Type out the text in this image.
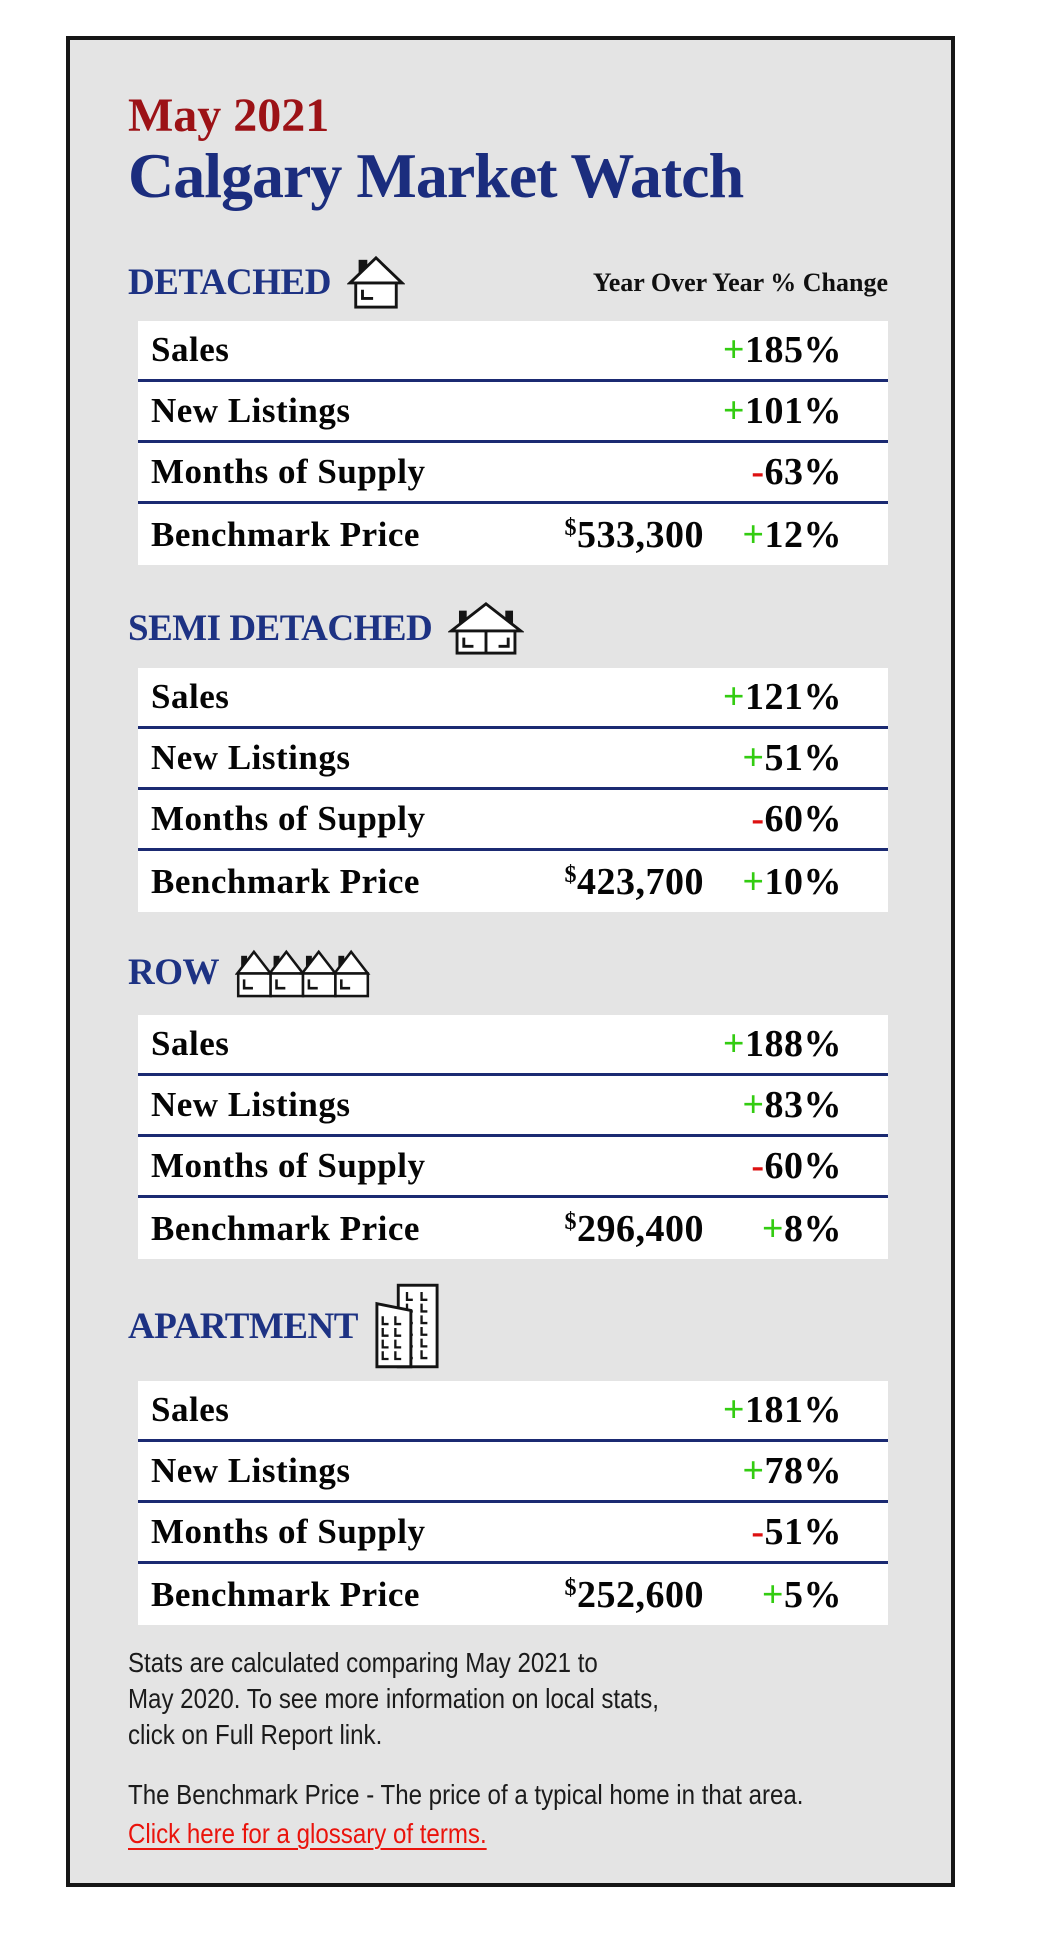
May 2021
Calgary Market Watch
DETACHED	Year Over Year % Change
Sales	+185%
New Listings	+101%
Months of Supply	-63%
Benchmark Price	$533,300	+12%
SEMI DETACHED
Sales	+121%
New Listings	+51%
Months of Supply	-60%
Benchmark Price	$423,700	+10%
ROW
Sales	+188%
New Listings	+83%
Months of Supply	-60%
Benchmark Price	$296,400	+8%
APARTMENT
Sales	+181%
New Listings	+78%
Months of Supply	-51%
Benchmark Price	$252,600	+5%
Stats are calculated comparing May 2021 to
May 2020. To see more information on local stats,
click on Full Report link.
The Benchmark Price - The price of a typical home in that area.
Click here for a glossary of terms.
